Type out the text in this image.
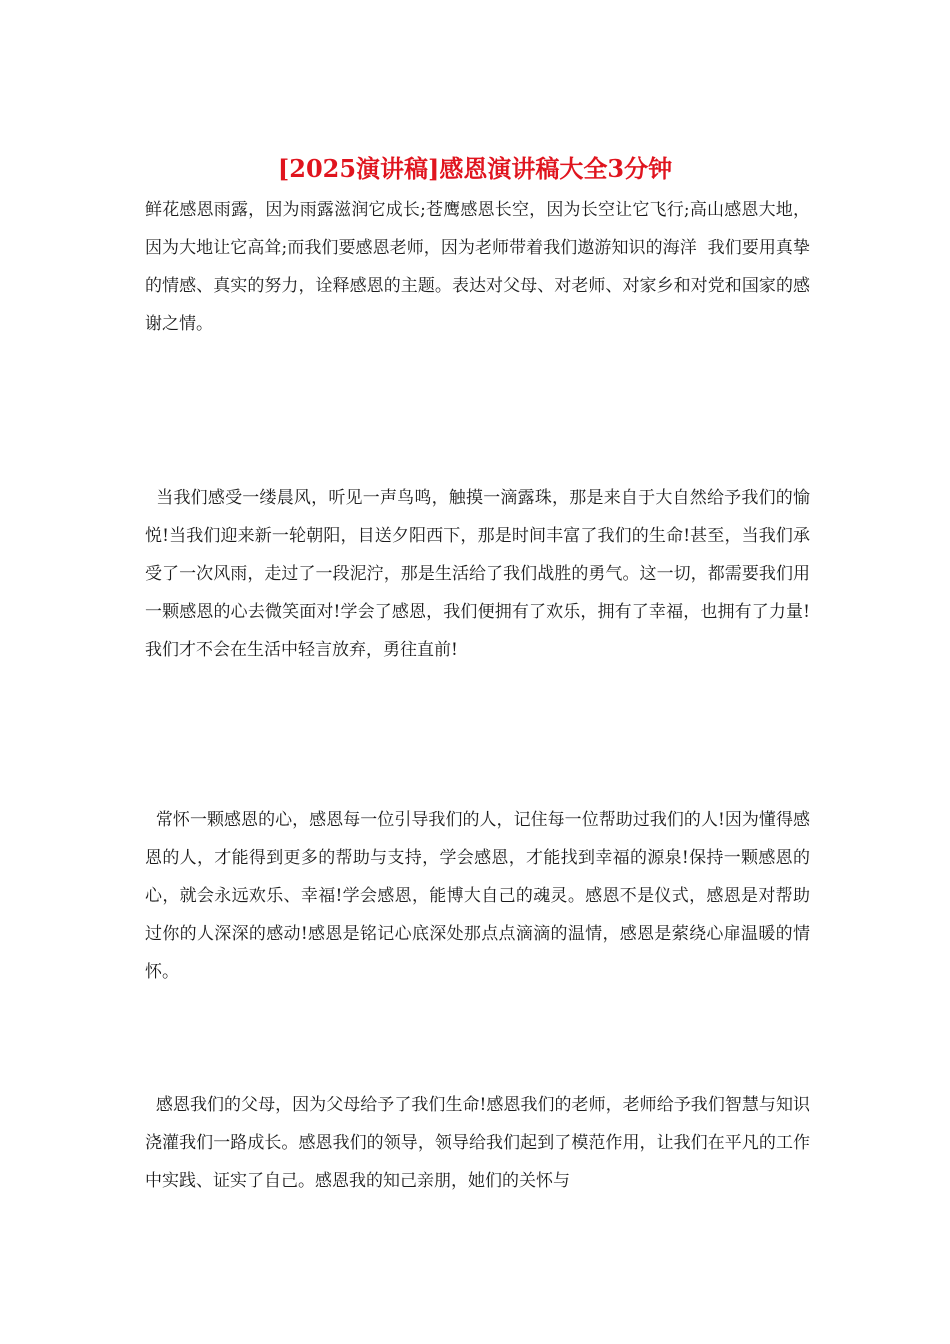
[2025演讲稿]感恩演讲稿大全3分钟

鲜花感恩雨露，因为雨露滋润它成长;苍鹰感恩长空，因为长空让它飞行;高山感恩大地，因为大地让它高耸;而我们要感恩老师，因为老师带着我们遨游知识的海洋  我们要用真挚的情感、真实的努力，诠释感恩的主题。表达对父母、对老师、对家乡和对党和国家的感谢之情。

当我们感受一缕晨风，听见一声鸟鸣，触摸一滴露珠，那是来自于大自然给予我们的愉悦!当我们迎来新一轮朝阳，目送夕阳西下，那是时间丰富了我们的生命!甚至，当我们承受了一次风雨，走过了一段泥泞，那是生活给了我们战胜的勇气。这一切，都需要我们用一颗感恩的心去微笑面对!学会了感恩，我们便拥有了欢乐，拥有了幸福，也拥有了力量!我们才不会在生活中轻言放弃，勇往直前!

常怀一颗感恩的心，感恩每一位引导我们的人，记住每一位帮助过我们的人!因为懂得感恩的人，才能得到更多的帮助与支持，学会感恩，才能找到幸福的源泉!保持一颗感恩的心，就会永远欢乐、幸福!学会感恩，能博大自己的魂灵。感恩不是仪式，感恩是对帮助过你的人深深的感动!感恩是铭记心底深处那点点滴滴的温情，感恩是萦绕心扉温暖的情怀。

感恩我们的父母，因为父母给予了我们生命!感恩我们的老师，老师给予我们智慧与知识浇灌我们一路成长。感恩我们的领导，领导给我们起到了模范作用，让我们在平凡的工作中实践、证实了自己。感恩我的知己亲朋，她们的关怀与
